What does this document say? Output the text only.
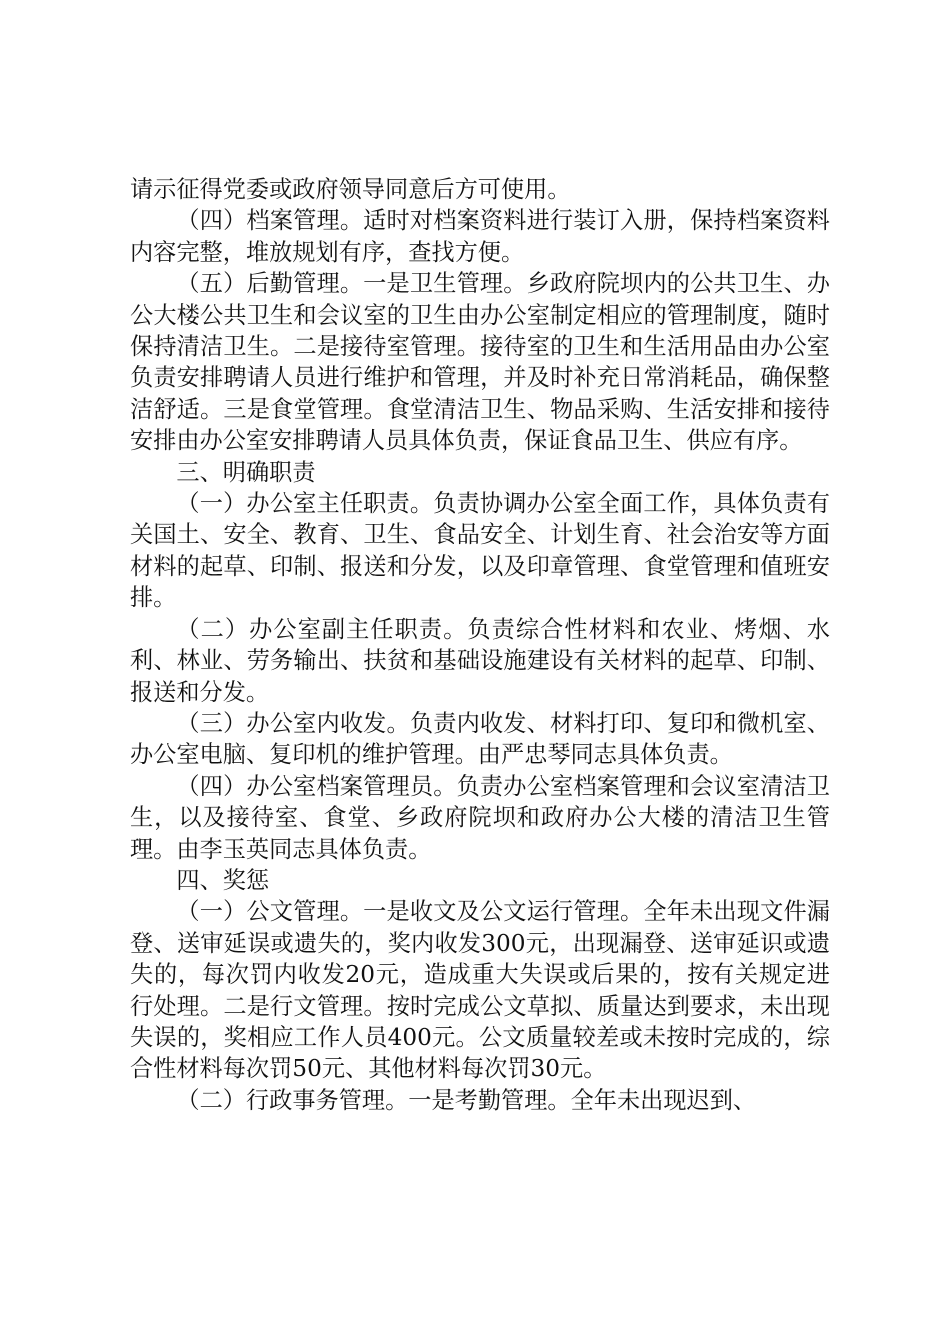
请示征得党委或政府领导同意后方可使用。

（四）档案管理。适时对档案资料进行装订入册，保持档案资料内容完整，堆放规划有序，查找方便。

（五）后勤管理。一是卫生管理。乡政府院坝内的公共卫生、办公大楼公共卫生和会议室的卫生由办公室制定相应的管理制度，随时保持清洁卫生。二是接待室管理。接待室的卫生和生活用品由办公室负责安排聘请人员进行维护和管理，并及时补充日常消耗品，确保整洁舒适。三是食堂管理。食堂清洁卫生、物品采购、生活安排和接待安排由办公室安排聘请人员具体负责，保证食品卫生、供应有序。

三、明确职责

（一）办公室主任职责。负责协调办公室全面工作，具体负责有关国土、安全、教育、卫生、食品安全、计划生育、社会治安等方面材料的起草、印制、报送和分发，以及印章管理、食堂管理和值班安排。

（二）办公室副主任职责。负责综合性材料和农业、烤烟、水利、林业、劳务输出、扶贫和基础设施建设有关材料的起草、印制、报送和分发。

（三）办公室内收发。负责内收发、材料打印、复印和微机室、办公室电脑、复印机的维护管理。由严忠琴同志具体负责。

（四）办公室档案管理员。负责办公室档案管理和会议室清洁卫生，以及接待室、食堂、乡政府院坝和政府办公大楼的清洁卫生管理。由李玉英同志具体负责。

四、奖惩

（一）公文管理。一是收文及公文运行管理。全年未出现文件漏登、送审延误或遗失的，奖内收发300元，出现漏登、送审延识或遗失的，每次罚内收发20元，造成重大失误或后果的，按有关规定进行处理。二是行文管理。按时完成公文草拟、质量达到要求，未出现失误的，奖相应工作人员400元。公文质量较差或未按时完成的，综合性材料每次罚50元、其他材料每次罚30元。

（二）行政事务管理。一是考勤管理。全年未出现迟到、
